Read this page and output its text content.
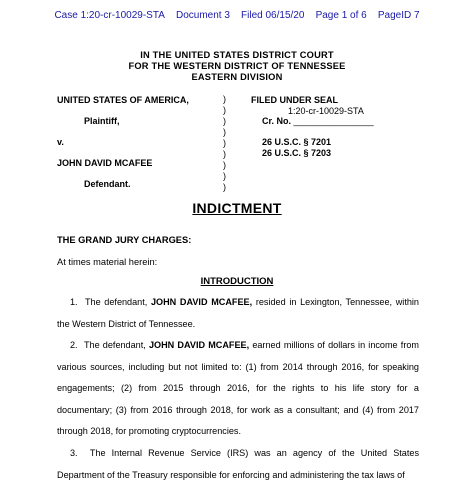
Case 1:20-cr-10029-STA Document 3 Filed 06/15/20 Page 1 of 6 PageID 7
IN THE UNITED STATES DISTRICT COURT
FOR THE WESTERN DISTRICT OF TENNESSEE
EASTERN DIVISION
UNITED STATES OF AMERICA,
Plaintiff,
v.
JOHN DAVID MCAFEE
Defendant.
)
)
)
)
)
)
)
)
)
FILED UNDER SEAL
1:20-cr-10029-STA
Cr. No. ________________
26 U.S.C. § 7201
26 U.S.C. § 7203
INDICTMENT
THE GRAND JURY CHARGES:
At times material herein:
INTRODUCTION
1. The defendant, JOHN DAVID MCAFEE, resided in Lexington, Tennessee, within the Western District of Tennessee.
2. The defendant, JOHN DAVID MCAFEE, earned millions of dollars in income from various sources, including but not limited to: (1) from 2014 through 2016, for speaking engagements; (2) from 2015 through 2016, for the rights to his life story for a documentary; (3) from 2016 through 2018, for work as a consultant; and (4) from 2017 through 2018, for promoting cryptocurrencies.
3. The Internal Revenue Service (IRS) was an agency of the United States Department of the Treasury responsible for enforcing and administering the tax laws of
